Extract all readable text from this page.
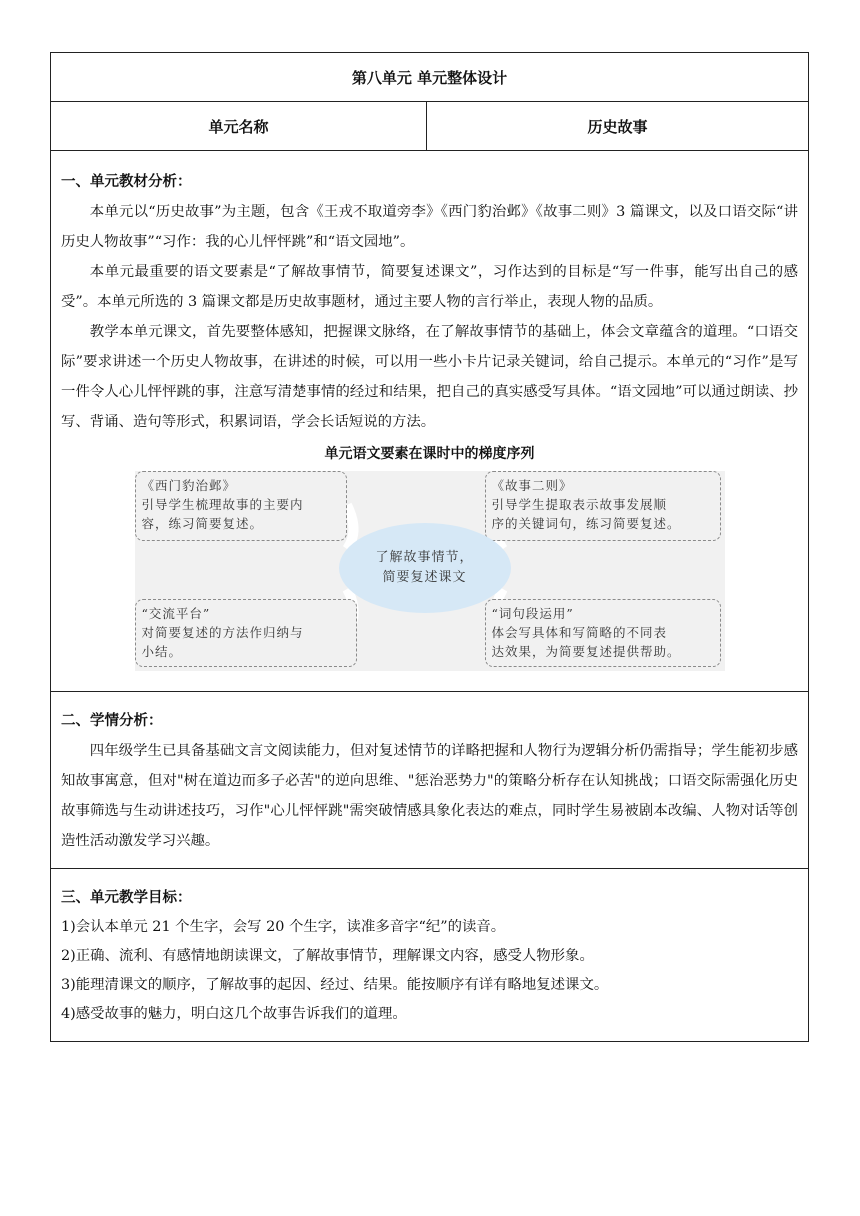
第八单元 单元整体设计
单元名称	历史故事
一、单元教材分析：

本单元以“历史故事”为主题，包含《王戎不取道旁李》《西门豹治邺》《故事二则》3 篇课文，以及口语交际“讲历史人物故事”“习作：我的心儿怦怦跳”和“语文园地”。

本单元最重要的语文要素是“了解故事情节，简要复述课文”，习作达到的目标是“写一件事，能写出自己的感受”。本单元所选的 3 篇课文都是历史故事题材，通过主要人物的言行举止，表现人物的品质。

教学本单元课文，首先要整体感知，把握课文脉络，在了解故事情节的基础上，体会文章蕴含的道理。“口语交际”要求讲述一个历史人物故事，在讲述的时候，可以用一些小卡片记录关键词，给自己提示。本单元的“习作”是写一件令人心儿怦怦跳的事，注意写清楚事情的经过和结果，把自己的真实感受写具体。“语文园地”可以通过朗读、抄写、背诵、造句等形式，积累词语，学会长话短说的方法。

单元语文要素在课时中的梯度序列
《西门豹治邺》
引导学生梳理故事的主要内
容，练习简要复述。
《故事二则》
引导学生提取表示故事发展顺
序的关键词句，练习简要复述。
了解故事情节，
简要复述课文
“交流平台”
对简要复述的方法作归纳与
小结。
“词句段运用”
体会写具体和写简略的不同表
达效果，为简要复述提供帮助。
二、学情分析：

四年级学生已具备基础文言文阅读能力，但对复述情节的详略把握和人物行为逻辑分析仍需指导；学生能初步感知故事寓意，但对"树在道边而多子必苦"的逆向思维、"惩治恶势力"的策略分析存在认知挑战；口语交际需强化历史故事筛选与生动讲述技巧，习作"心儿怦怦跳"需突破情感具象化表达的难点，同时学生易被剧本改编、人物对话等创造性活动激发学习兴趣。

三、单元教学目标：

1)会认本单元 21 个生字，会写 20 个生字，读准多音字“纪”的读音。

2)正确、流利、有感情地朗读课文，了解故事情节，理解课文内容，感受人物形象。

3)能理清课文的顺序，了解故事的起因、经过、结果。能按顺序有详有略地复述课文。

4)感受故事的魅力，明白这几个故事告诉我们的道理。
